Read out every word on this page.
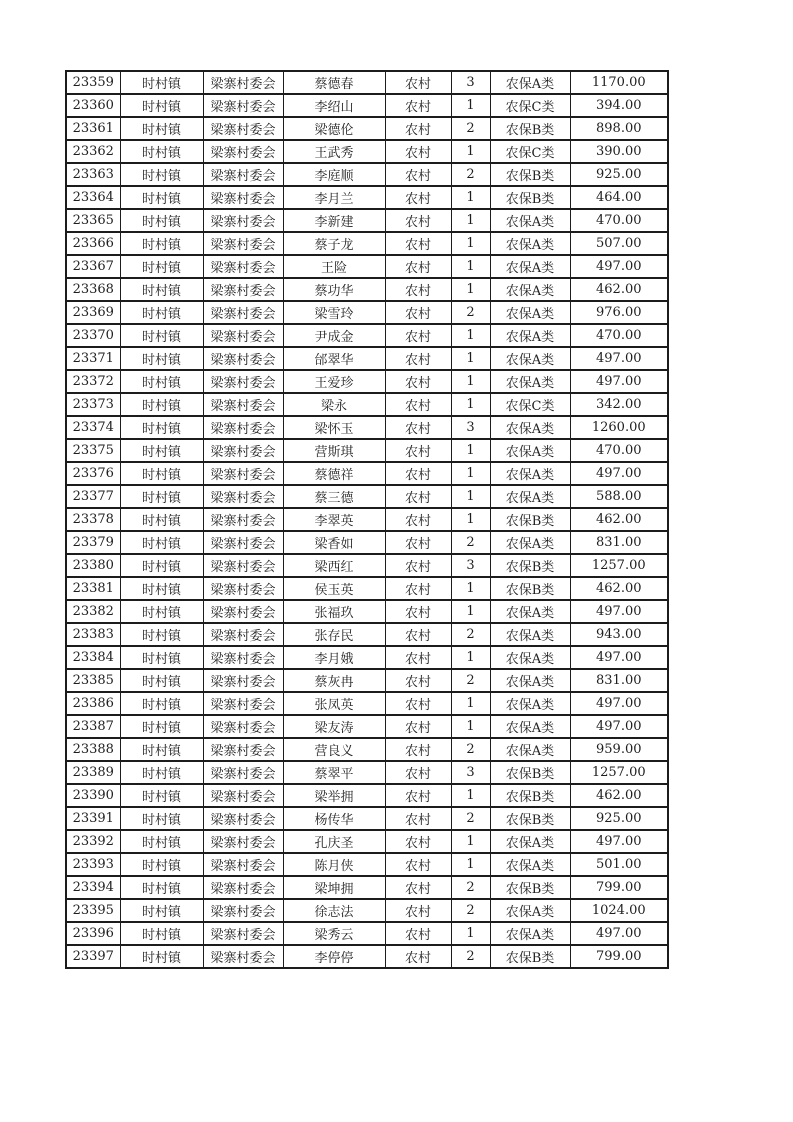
23359	时村镇	梁寨村委会	蔡德春	农村	3	农保A类	1170.00
23360	时村镇	梁寨村委会	李绍山	农村	1	农保C类	394.00
23361	时村镇	梁寨村委会	梁德伦	农村	2	农保B类	898.00
23362	时村镇	梁寨村委会	王武秀	农村	1	农保C类	390.00
23363	时村镇	梁寨村委会	李庭顺	农村	2	农保B类	925.00
23364	时村镇	梁寨村委会	李月兰	农村	1	农保B类	464.00
23365	时村镇	梁寨村委会	李新建	农村	1	农保A类	470.00
23366	时村镇	梁寨村委会	蔡子龙	农村	1	农保A类	507.00
23367	时村镇	梁寨村委会	王险	农村	1	农保A类	497.00
23368	时村镇	梁寨村委会	蔡功华	农村	1	农保A类	462.00
23369	时村镇	梁寨村委会	梁雪玲	农村	2	农保A类	976.00
23370	时村镇	梁寨村委会	尹成金	农村	1	农保A类	470.00
23371	时村镇	梁寨村委会	邰翠华	农村	1	农保A类	497.00
23372	时村镇	梁寨村委会	王爱珍	农村	1	农保A类	497.00
23373	时村镇	梁寨村委会	梁永	农村	1	农保C类	342.00
23374	时村镇	梁寨村委会	梁怀玉	农村	3	农保A类	1260.00
23375	时村镇	梁寨村委会	营斯琪	农村	1	农保A类	470.00
23376	时村镇	梁寨村委会	蔡德祥	农村	1	农保A类	497.00
23377	时村镇	梁寨村委会	蔡三德	农村	1	农保A类	588.00
23378	时村镇	梁寨村委会	李翠英	农村	1	农保B类	462.00
23379	时村镇	梁寨村委会	梁香如	农村	2	农保A类	831.00
23380	时村镇	梁寨村委会	梁西红	农村	3	农保B类	1257.00
23381	时村镇	梁寨村委会	侯玉英	农村	1	农保B类	462.00
23382	时村镇	梁寨村委会	张福玖	农村	1	农保A类	497.00
23383	时村镇	梁寨村委会	张存民	农村	2	农保A类	943.00
23384	时村镇	梁寨村委会	李月娥	农村	1	农保A类	497.00
23385	时村镇	梁寨村委会	蔡灰冉	农村	2	农保A类	831.00
23386	时村镇	梁寨村委会	张凤英	农村	1	农保A类	497.00
23387	时村镇	梁寨村委会	梁友涛	农村	1	农保A类	497.00
23388	时村镇	梁寨村委会	营良义	农村	2	农保A类	959.00
23389	时村镇	梁寨村委会	蔡翠平	农村	3	农保B类	1257.00
23390	时村镇	梁寨村委会	梁举拥	农村	1	农保B类	462.00
23391	时村镇	梁寨村委会	杨传华	农村	2	农保B类	925.00
23392	时村镇	梁寨村委会	孔庆圣	农村	1	农保A类	497.00
23393	时村镇	梁寨村委会	陈月侠	农村	1	农保A类	501.00
23394	时村镇	梁寨村委会	梁坤拥	农村	2	农保B类	799.00
23395	时村镇	梁寨村委会	徐志法	农村	2	农保A类	1024.00
23396	时村镇	梁寨村委会	梁秀云	农村	1	农保A类	497.00
23397	时村镇	梁寨村委会	李停停	农村	2	农保B类	799.00
